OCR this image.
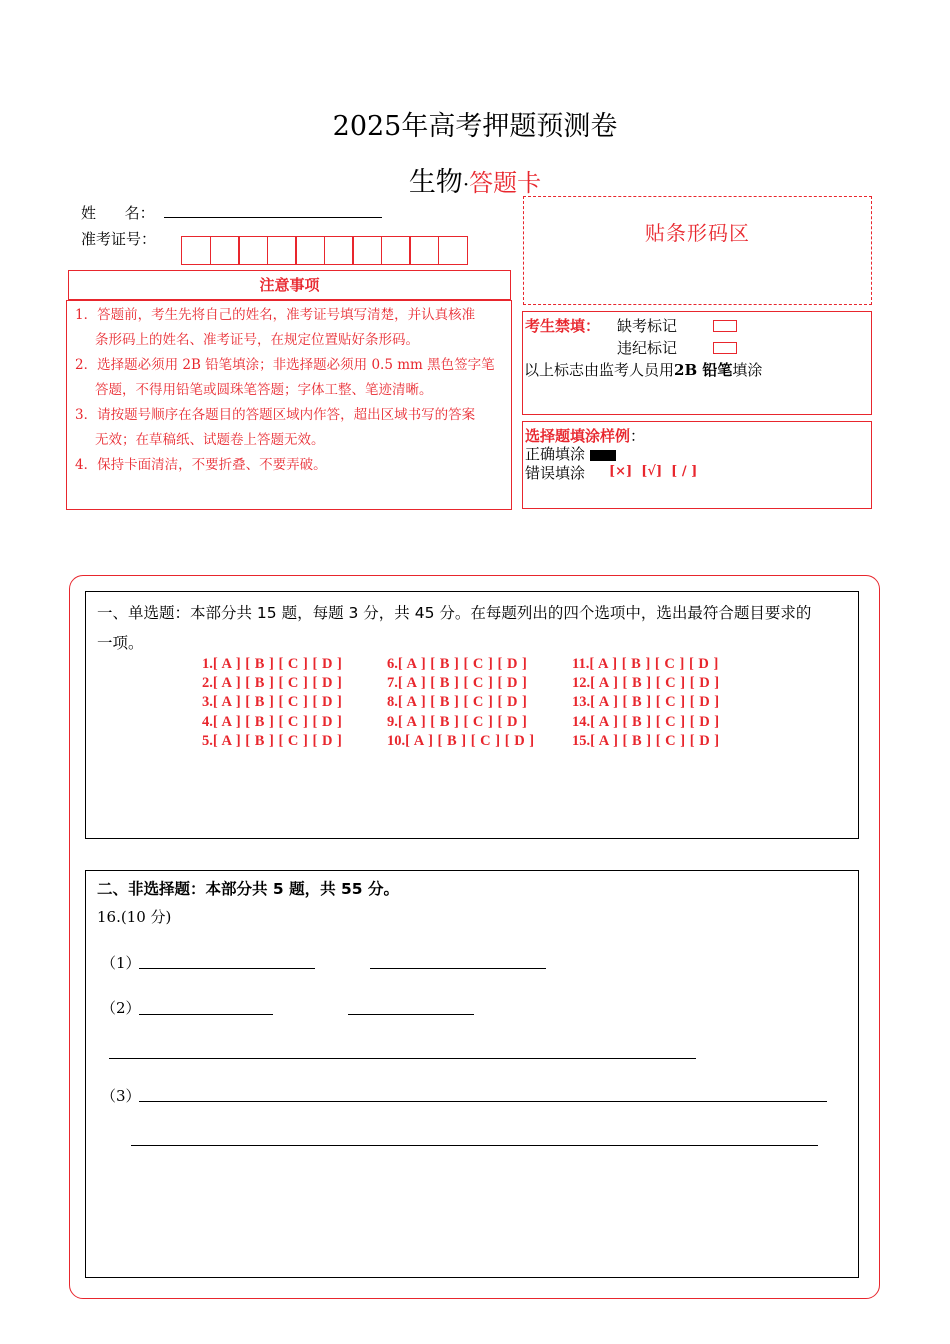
2025年高考押题预测卷
生物·答题卡
姓      名：
准考证号：
注意事项
1．答题前，考生先将自己的姓名，准考证号填写清楚，并认真核准
条形码上的姓名、准考证号，在规定位置贴好条形码。
2．选择题必须用 2B 铅笔填涂；非选择题必须用 0.5 mm 黑色签字笔
答题，不得用铅笔或圆珠笔答题；字体工整、笔迹清晰。
3．请按题号顺序在各题目的答题区域内作答，超出区域书写的答案
无效；在草稿纸、试题卷上答题无效。
4．保持卡面清洁，不要折叠、不要弄破。
贴条形码区
考生禁填： 缺考标记
违纪标记
以上标志由监考人员用2B 铅笔填涂
选择题填涂样例：
正确填涂
错误填涂 [×]  [√]  [ / ]
一、单选题：本部分共 15 题，每题 3 分，共 45 分。在每题列出的四个选项中，选出最符合题目要求的
一项。
1.[ A ] [ B ] [ C ] [ D ]
2.[ A ] [ B ] [ C ] [ D ]
3.[ A ] [ B ] [ C ] [ D ]
4.[ A ] [ B ] [ C ] [ D ]
5.[ A ] [ B ] [ C ] [ D ]
6.[ A ] [ B ] [ C ] [ D ]
7.[ A ] [ B ] [ C ] [ D ]
8.[ A ] [ B ] [ C ] [ D ]
9.[ A ] [ B ] [ C ] [ D ]
10.[ A ] [ B ] [ C ] [ D ]
11.[ A ] [ B ] [ C ] [ D ]
12.[ A ] [ B ] [ C ] [ D ]
13.[ A ] [ B ] [ C ] [ D ]
14.[ A ] [ B ] [ C ] [ D ]
15.[ A ] [ B ] [ C ] [ D ]
二、非选择题：本部分共 5 题，共 55 分。
16.(10 分)
（1）
（2）
（3）
